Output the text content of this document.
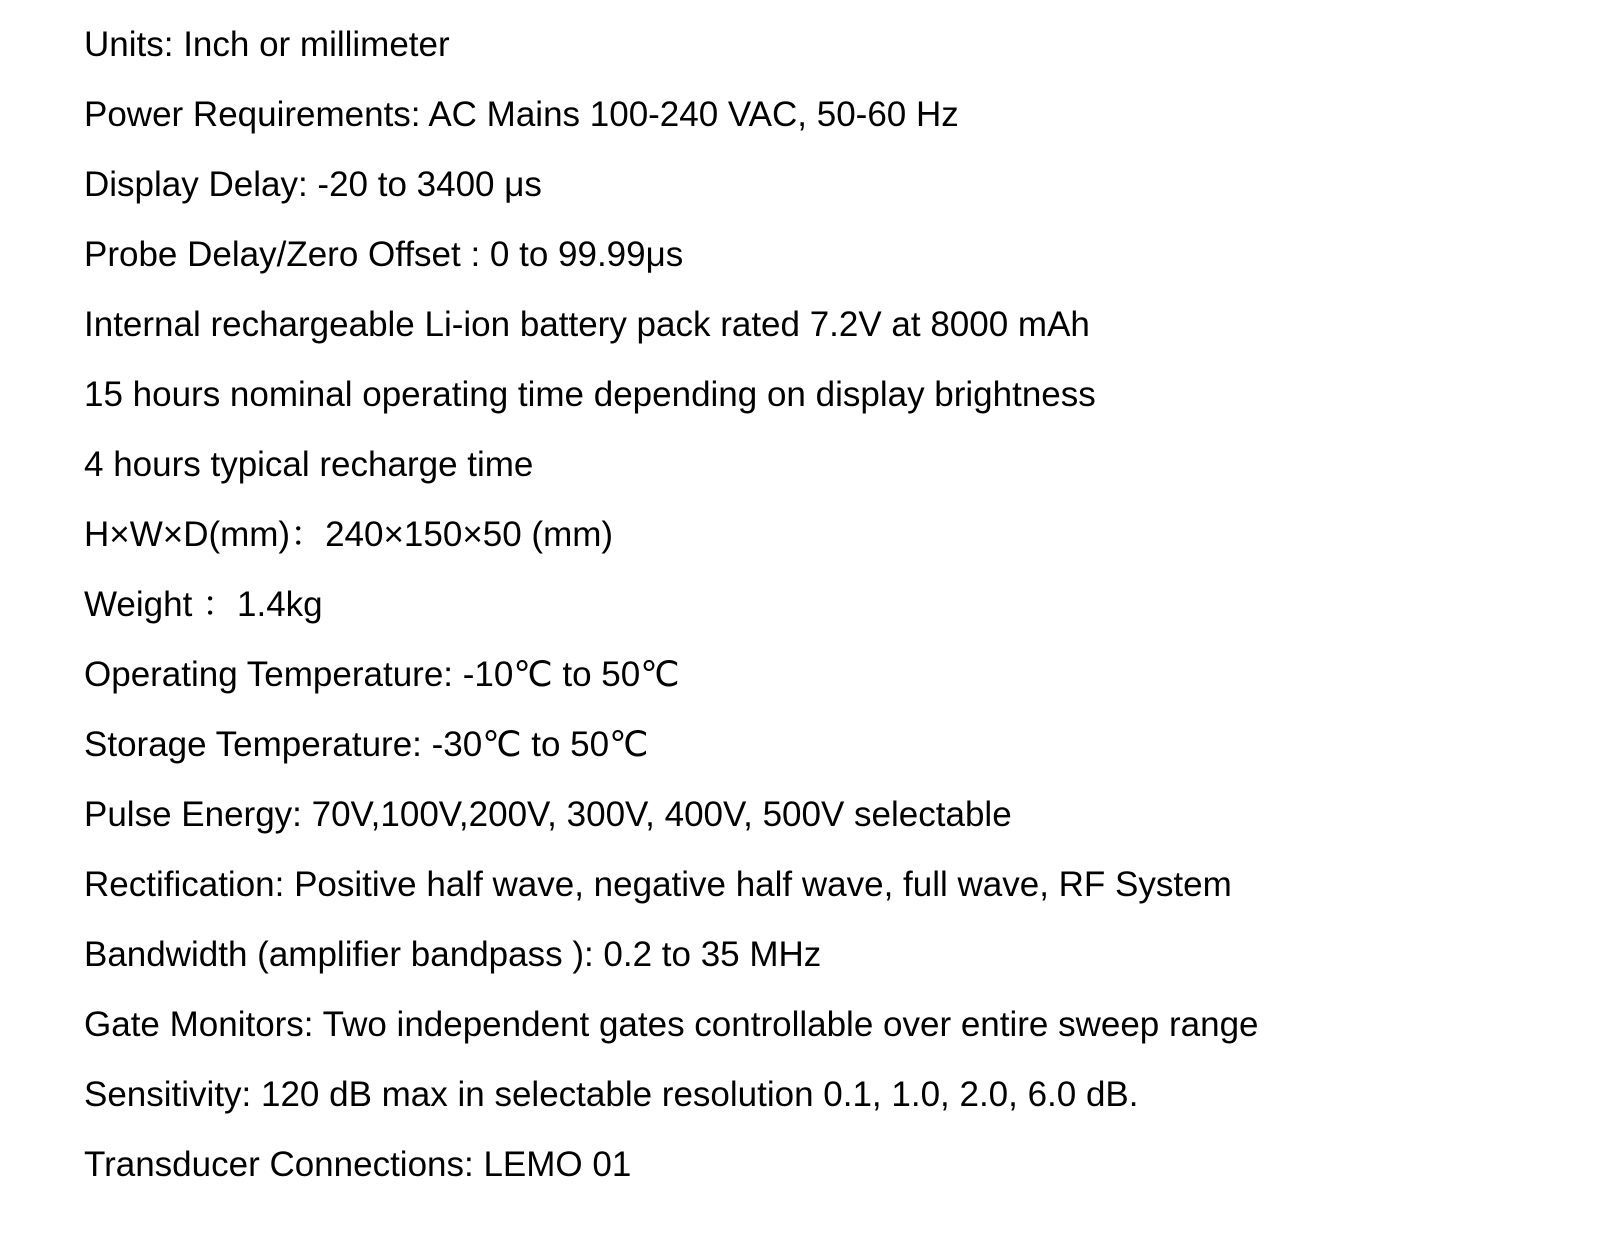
Units: Inch or millimeter
Power Requirements: AC Mains 100-240 VAC, 50-60 Hz
Display Delay: -20 to 3400 μs
Probe Delay/Zero Offset : 0 to 99.99μs
Internal rechargeable Li-ion battery pack rated 7.2V at 8000 mAh
15 hours nominal operating time depending on display brightness
4 hours typical recharge time
H×W×D(mm)：240×150×50 (mm)
Weight ：1.4kg
Operating Temperature: -10℃ to 50℃
Storage Temperature: -30℃ to 50℃
Pulse Energy: 70V,100V,200V, 300V, 400V, 500V selectable
Rectification: Positive half wave, negative half wave, full wave, RF System
Bandwidth (amplifier bandpass ): 0.2 to 35 MHz
Gate Monitors: Two independent gates controllable over entire sweep range
Sensitivity: 120 dB max in selectable resolution 0.1, 1.0, 2.0, 6.0 dB.
Transducer Connections: LEMO 01
